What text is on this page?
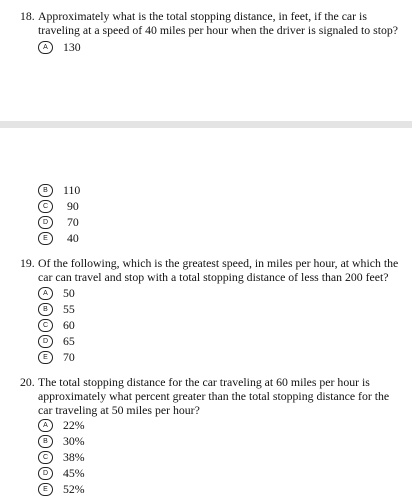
18. Approximately what is the total stopping distance, in feet, if the car is
traveling at a speed of 40 miles per hour when the driver is signaled to stop?
A	130
B	110
C	90
D	70
E	40
19. Of the following, which is the greatest speed, in miles per hour, at which the
car can travel and stop with a total stopping distance of less than 200 feet?
A	50
B	55
C	60
D	65
E	70
20. The total stopping distance for the car traveling at 60 miles per hour is
approximately what percent greater than the total stopping distance for the
car traveling at 50 miles per hour?
A	22%
B	30%
C	38%
D	45%
E	52%
